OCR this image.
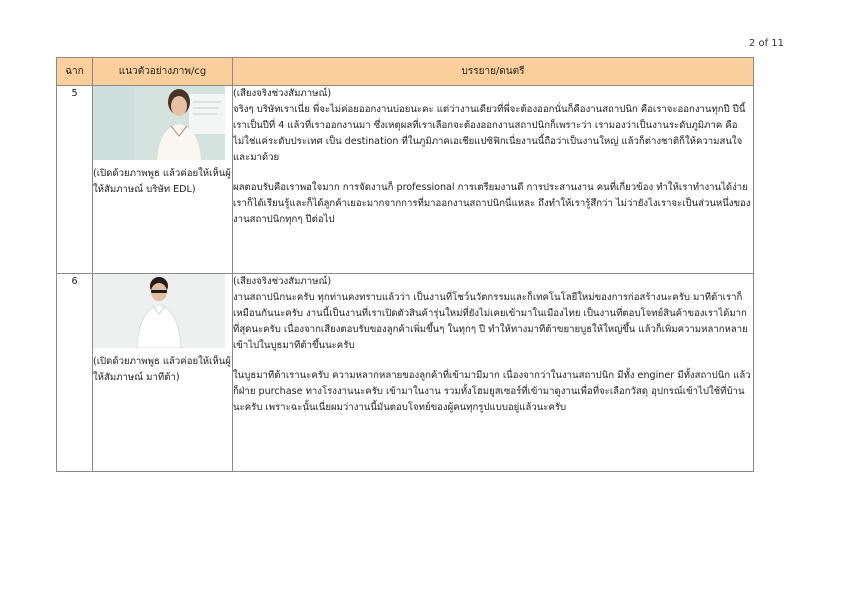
2 of 11
ฉาก	แนวตัวอย่างภาพ/cg	บรรยาย/ดนตรี
5	(เปิดด้วยภาพพูธ แล้วค่อยให้เห็นผู้ให้สัมภาษณ์ บริษัท EDL)	(เสียงจริงช่วงสัมภาษณ์)

จริงๆ บริษัทเราเนี่ย พี่จะไม่ค่อยออกงานบ่อยนะคะ แต่ว่างานเดียวที่พี่จะต้องออกนั่นก็คืองานสถาปนิก คือเราจะออกงานทุกปี ปีนี้เราเป็นปีที่ 4 แล้วที่เราออกงานมา ซึ่งเหตุผลที่เราเลือกจะต้องออกงานสถาปนิกก็เพราะว่า เรามองว่าเป็นงานระดับภูมิภาค คือไม่ใช่แค่ระดับประเทศ เป็น destination ที่ในภูมิภาคเอเชียแปซิฟิกเนี่ยงานนี้ถือว่าเป็นงานใหญ่ แล้วก็ต่างชาติก็ให้ความสนใจและมาด้วย

ผลตอบรับคือเราพอใจมาก การจัดงานก็ professional การเตรียมงานดี การประสานงาน คนที่เกี่ยวข้อง ทำให้เราทำงานได้ง่าย เราก็ได้เรียนรู้และก็ได้ลูกค้าเยอะมากจากการที่มาออกงานสถาปนิกนี่แหละ ถึงทำให้เรารู้สึกว่า ไม่ว่ายังไงเราจะเป็นส่วนหนึ่งของงานสถาปนิกทุกๆ ปีต่อไป

6	(เปิดด้วยภาพพูธ แล้วค่อยให้เห็นผู้ให้สัมภาษณ์ มาทีต้า)	(เสียงจริงช่วงสัมภาษณ์)

งานสถาปนิกนะครับ ทุกท่านคงทราบแล้วว่า เป็นงานที่โชว์นวัตกรรมและก็เทคโนโลยีใหม่ของการก่อสร้างนะครับ มาทีต้าเราก็เหมือนกันนะครับ งานนี้เป็นงานที่เราเปิดตัวสินค้ารุ่นใหม่ที่ยังไม่เคยเข้ามาในเมืองไทย เป็นงานที่ตอบโจทย์สินค้าของเราได้มากที่สุดนะครับ เนื่องจากเสียงตอบรับของลูกค้าเพิ่มขึ้นๆ ในทุกๆ ปี ทำให้ทางมาทีต้าขยายบูธให้ใหญ่ขึ้น แล้วก็เพิ่มความหลากหลายเข้าไปในบูธมาทีต้าขึ้นนะครับ

ในบูธมาทีต้าเรานะครับ ความหลากหลายของลูกค้าที่เข้ามามีมาก เนื่องจากว่าในงานสถาปนิก มีทั้ง enginer มีทั้งสถาปนิก แล้วก็ฝ่าย purchase ทางโรงงานนะครับ เข้ามาในงาน รวมทั้งโฮมยูสเซอร์ที่เข้ามาดูงานเพื่อที่จะเลือกวัสดุ อุปกรณ์เข้าไปใช้ที่บ้านนะครับ เพราะฉะนั้นเนี่ยผมว่างานนี้มันตอบโจทย์ของผู้คนทุกรูปแบบอยู่แล้วนะครับ
